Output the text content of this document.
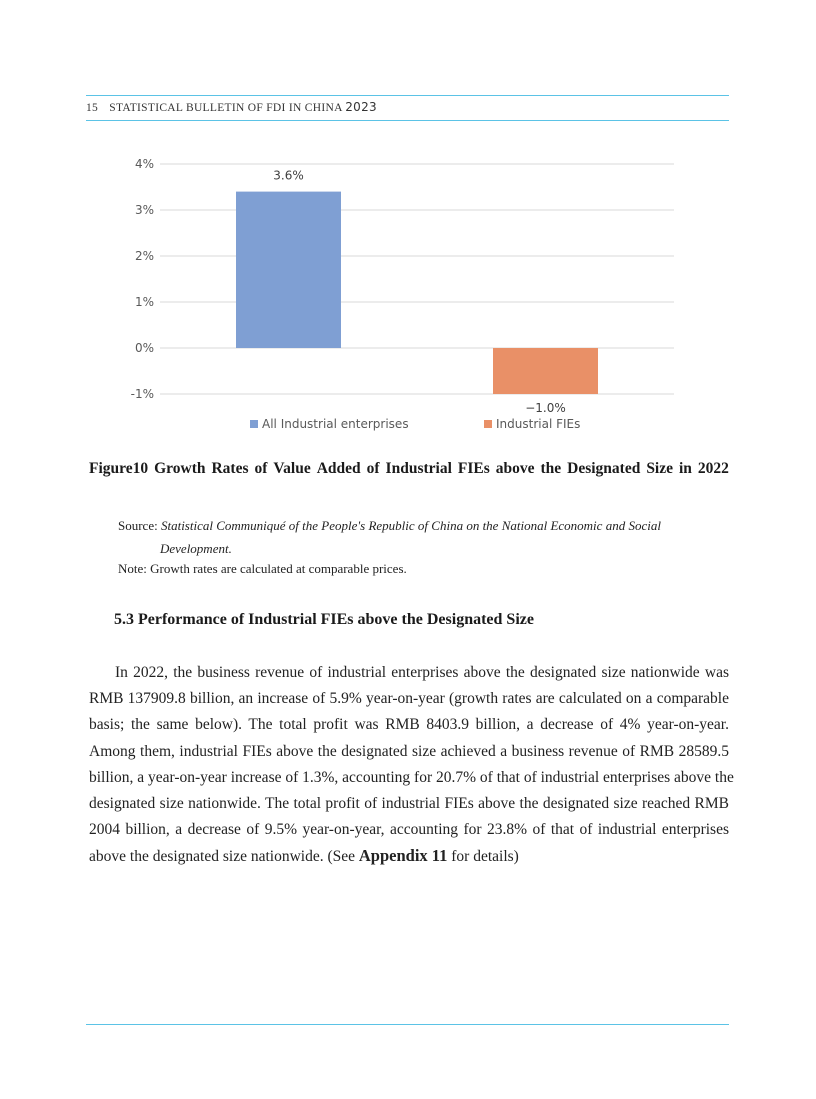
15 STATISTICAL BULLETIN OF FDI IN CHINA 2023
4%
3%
2%
1%
0%
-1%
3.6%
−1.0%
All Industrial enterprises	Industrial FIEs
Figure10 Growth Rates of Value Added of Industrial FIEs above the Designated Size in 2022
Source: Statistical Communiqué of the People's Republic of China on the National Economic and Social
Development.
Note: Growth rates are calculated at comparable prices.
5.3 Performance of Industrial FIEs above the Designated Size
In 2022, the business revenue of industrial enterprises above the designated size nationwide was
RMB 137909.8 billion, an increase of 5.9% year-on-year (growth rates are calculated on a comparable
basis; the same below). The total profit was RMB 8403.9 billion, a decrease of 4% year-on-year.
Among them, industrial FIEs above the designated size achieved a business revenue of RMB 28589.5
billion, a year-on-year increase of 1.3%, accounting for 20.7% of that of industrial enterprises above the
designated size nationwide. The total profit of industrial FIEs above the designated size reached RMB
2004 billion, a decrease of 9.5% year-on-year, accounting for 23.8% of that of industrial enterprises
above the designated size nationwide. (See Appendix 11 for details)
